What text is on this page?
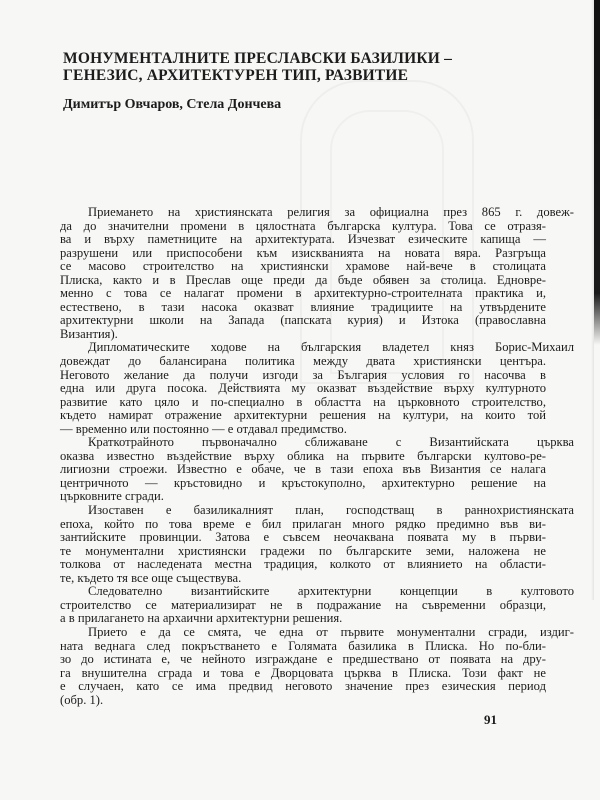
МОНУМЕНТАЛНИТЕ ПРЕСЛАВСКИ БАЗИЛИКИ –
ГЕНЕЗИС, АРХИТЕКТУРЕН ТИП, РАЗВИТИЕ

Димитър Овчаров, Стела Дончева

Приемането на християнската религия за официална през 865 г. довеж-
да до значителни промени в цялостната българска култура. Това се отразя-
ва и върху паметниците на архитектурата. Изчезват езическите капища —
разрушени или приспособени към изискванията на новата вяра. Разгръща
се масово строителство на християнски храмове най-вече в столицата
Плиска, както и в Преслав още преди да бъде обявен за столица. Едновре-
менно с това се налагат промени в архитектурно-строителната практика и,
естествено, в тази насока оказват влияние традициите на утвърдените
архитектурни школи на Запада (папската курия) и Изтока (православна
Византия).
Дипломатическите ходове на българския владетел княз Борис-Михаил
довеждат до балансирана политика между двата християнски центъра.
Неговото желание да получи изгоди за България условия го насочва в
една или друга посока. Действията му оказват въздействие върху културното
развитие като цяло и по-специално в областта на църковното строителство,
където намират отражение архитектурни решения на култури, на които той
— временно или постоянно — е отдавал предимство.
Краткотрайното първоначално сближаване с Византийската църква
оказва известно въздействие върху облика на първите български култово-ре-
лигиозни строежи. Известно е обаче, че в тази епоха във Византия се налага
центричното — кръстовидно и кръстокуполно, архитектурно решение на
църковните сгради.
Изоставен е базиликалният план, господстващ в ранноxристиянската
епоха, който по това време е бил прилаган много рядко предимно във ви-
зантийските провинции. Затова е съвсем неочаквана появата му в първи-
те монументални християнски градежи по българските земи, наложена не
толкова от наследената местна традиция, колкото от влиянието на области-
те, където тя все още съществува.
Следователно византийските архитектурни концепции в култовото
строителство се материализират не в подражание на съвременни образци,
а в прилагането на архаични архитектурни решения.
Прието е да се смята, че една от първите монументални сгради, издиг-
ната веднага след покръстването е Голямата базилика в Плиска. Но по-бли-
зо до истината е, че нейното изграждане е предшествано от появата на дру-
га внушителна сграда и това е Дворцовата църква в Плиска. Този факт не
е случаен, като се има предвид неговото значение през езическия период
(обр. 1).
91
